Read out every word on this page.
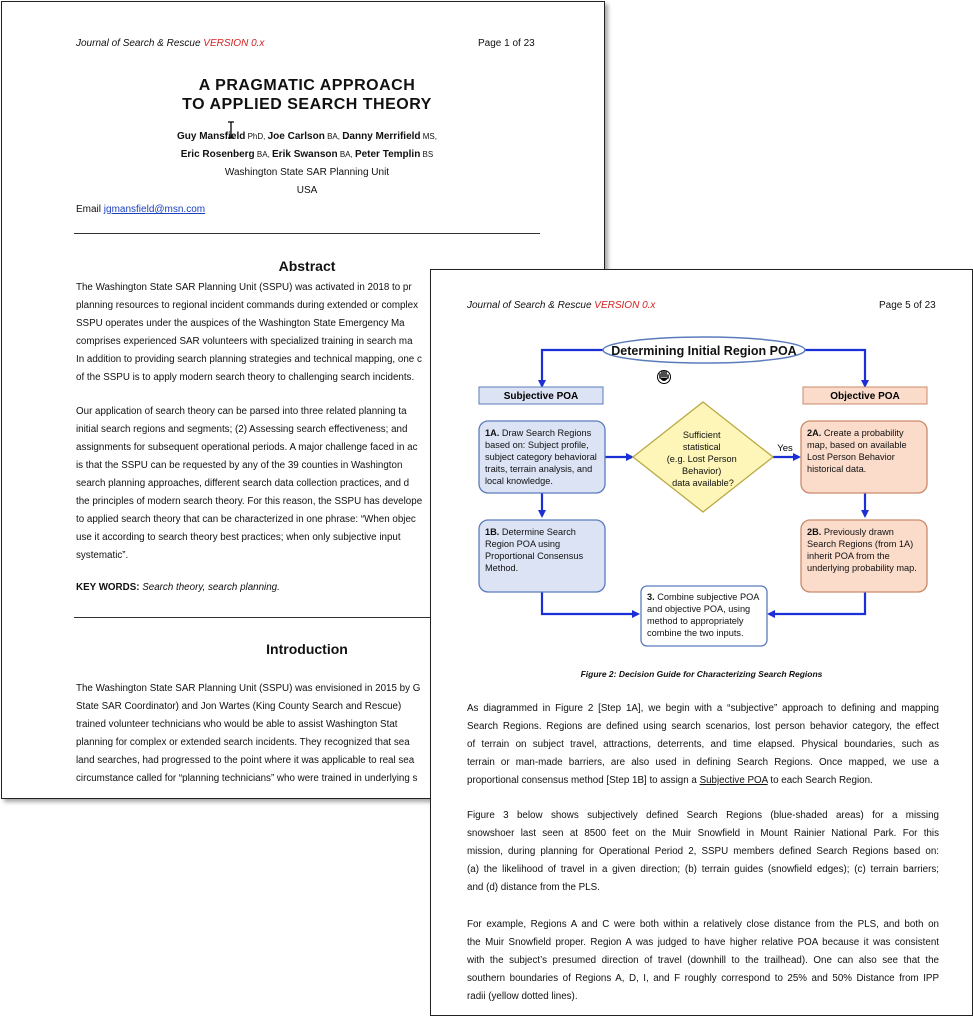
Journal of Search & Rescue VERSION 0.x	Page 1 of 23
A PRAGMATIC APPROACH
TO APPLIED SEARCH THEORY
Guy Mansfield PhD, Joe Carlson BA, Danny Merrifield MS,
Eric Rosenberg BA, Erik Swanson BA, Peter Templin BS
Washington State SAR Planning Unit
USA
Email jgmansfield@msn.com
Abstract
The Washington State SAR Planning Unit (SSPU) was activated in 2018 to pr
planning resources to regional incident commands during extended or complex
SSPU operates under the auspices of the Washington State Emergency Ma
comprises experienced SAR volunteers with specialized training in search ma
In addition to providing search planning strategies and technical mapping, one c
of the SSPU is to apply modern search theory to challenging search incidents.
Our application of search theory can be parsed into three related planning ta
initial search regions and segments; (2) Assessing search effectiveness; and
assignments for subsequent operational periods. A major challenge faced in ac
is that the SSPU can be requested by any of the 39 counties in Washington
search planning approaches, different search data collection practices, and d
the principles of modern search theory. For this reason, the SSPU has develope
to applied search theory that can be characterized in one phrase: “When objec
use it according to search theory best practices; when only subjective input
systematic”.
KEY WORDS: Search theory, search planning.
Introduction
The Washington State SAR Planning Unit (SSPU) was envisioned in 2015 by G
State SAR Coordinator) and Jon Wartes (King County Search and Rescue)
trained volunteer technicians who would be able to assist Washington Stat
planning for complex or extended search incidents. They recognized that sea
land searches, had progressed to the point where it was applicable to real sea
circumstance called for “planning technicians” who were trained in underlying s
Journal of Search & Rescue VERSION 0.x	Page 5 of 23
Determining Initial Region POA
Subjective POA	Objective POA
1A. Draw Search Regions based on: Subject profile, subject category behavioral traits, terrain analysis, and local knowledge.
Sufficient statistical (e.g. Lost Person Behavior) data available?
Yes
2A. Create a probability map, based on available Lost Person Behavior historical data.
1B. Determine Search Region POA using Proportional Consensus Method.
2B. Previously drawn Search Regions (from 1A) inherit POA from the underlying probability map.
3. Combine subjective POA and objective POA, using method to appropriately combine the two inputs.
Figure 2: Decision Guide for Characterizing Search Regions
As diagrammed in Figure 2 [Step 1A], we begin with a “subjective” approach to defining and mapping
Search Regions. Regions are defined using search scenarios, lost person behavior category, the effect
of terrain on subject travel, attractions, deterrents, and time elapsed. Physical boundaries, such as
terrain or man-made barriers, are also used in defining Search Regions. Once mapped, we use a
proportional consensus method [Step 1B] to assign a Subjective POA to each Search Region.
Figure 3 below shows subjectively defined Search Regions (blue-shaded areas) for a missing
snowshoer last seen at 8500 feet on the Muir Snowfield in Mount Rainier National Park. For this
mission, during planning for Operational Period 2, SSPU members defined Search Regions based on:
(a) the likelihood of travel in a given direction; (b) terrain guides (snowfield edges); (c) terrain barriers;
and (d) distance from the PLS.
For example, Regions A and C were both within a relatively close distance from the PLS, and both on
the Muir Snowfield proper. Region A was judged to have higher relative POA because it was consistent
with the subject’s presumed direction of travel (downhill to the trailhead). One can also see that the
southern boundaries of Regions A, D, I, and F roughly correspond to 25% and 50% Distance from IPP
radii (yellow dotted lines).
